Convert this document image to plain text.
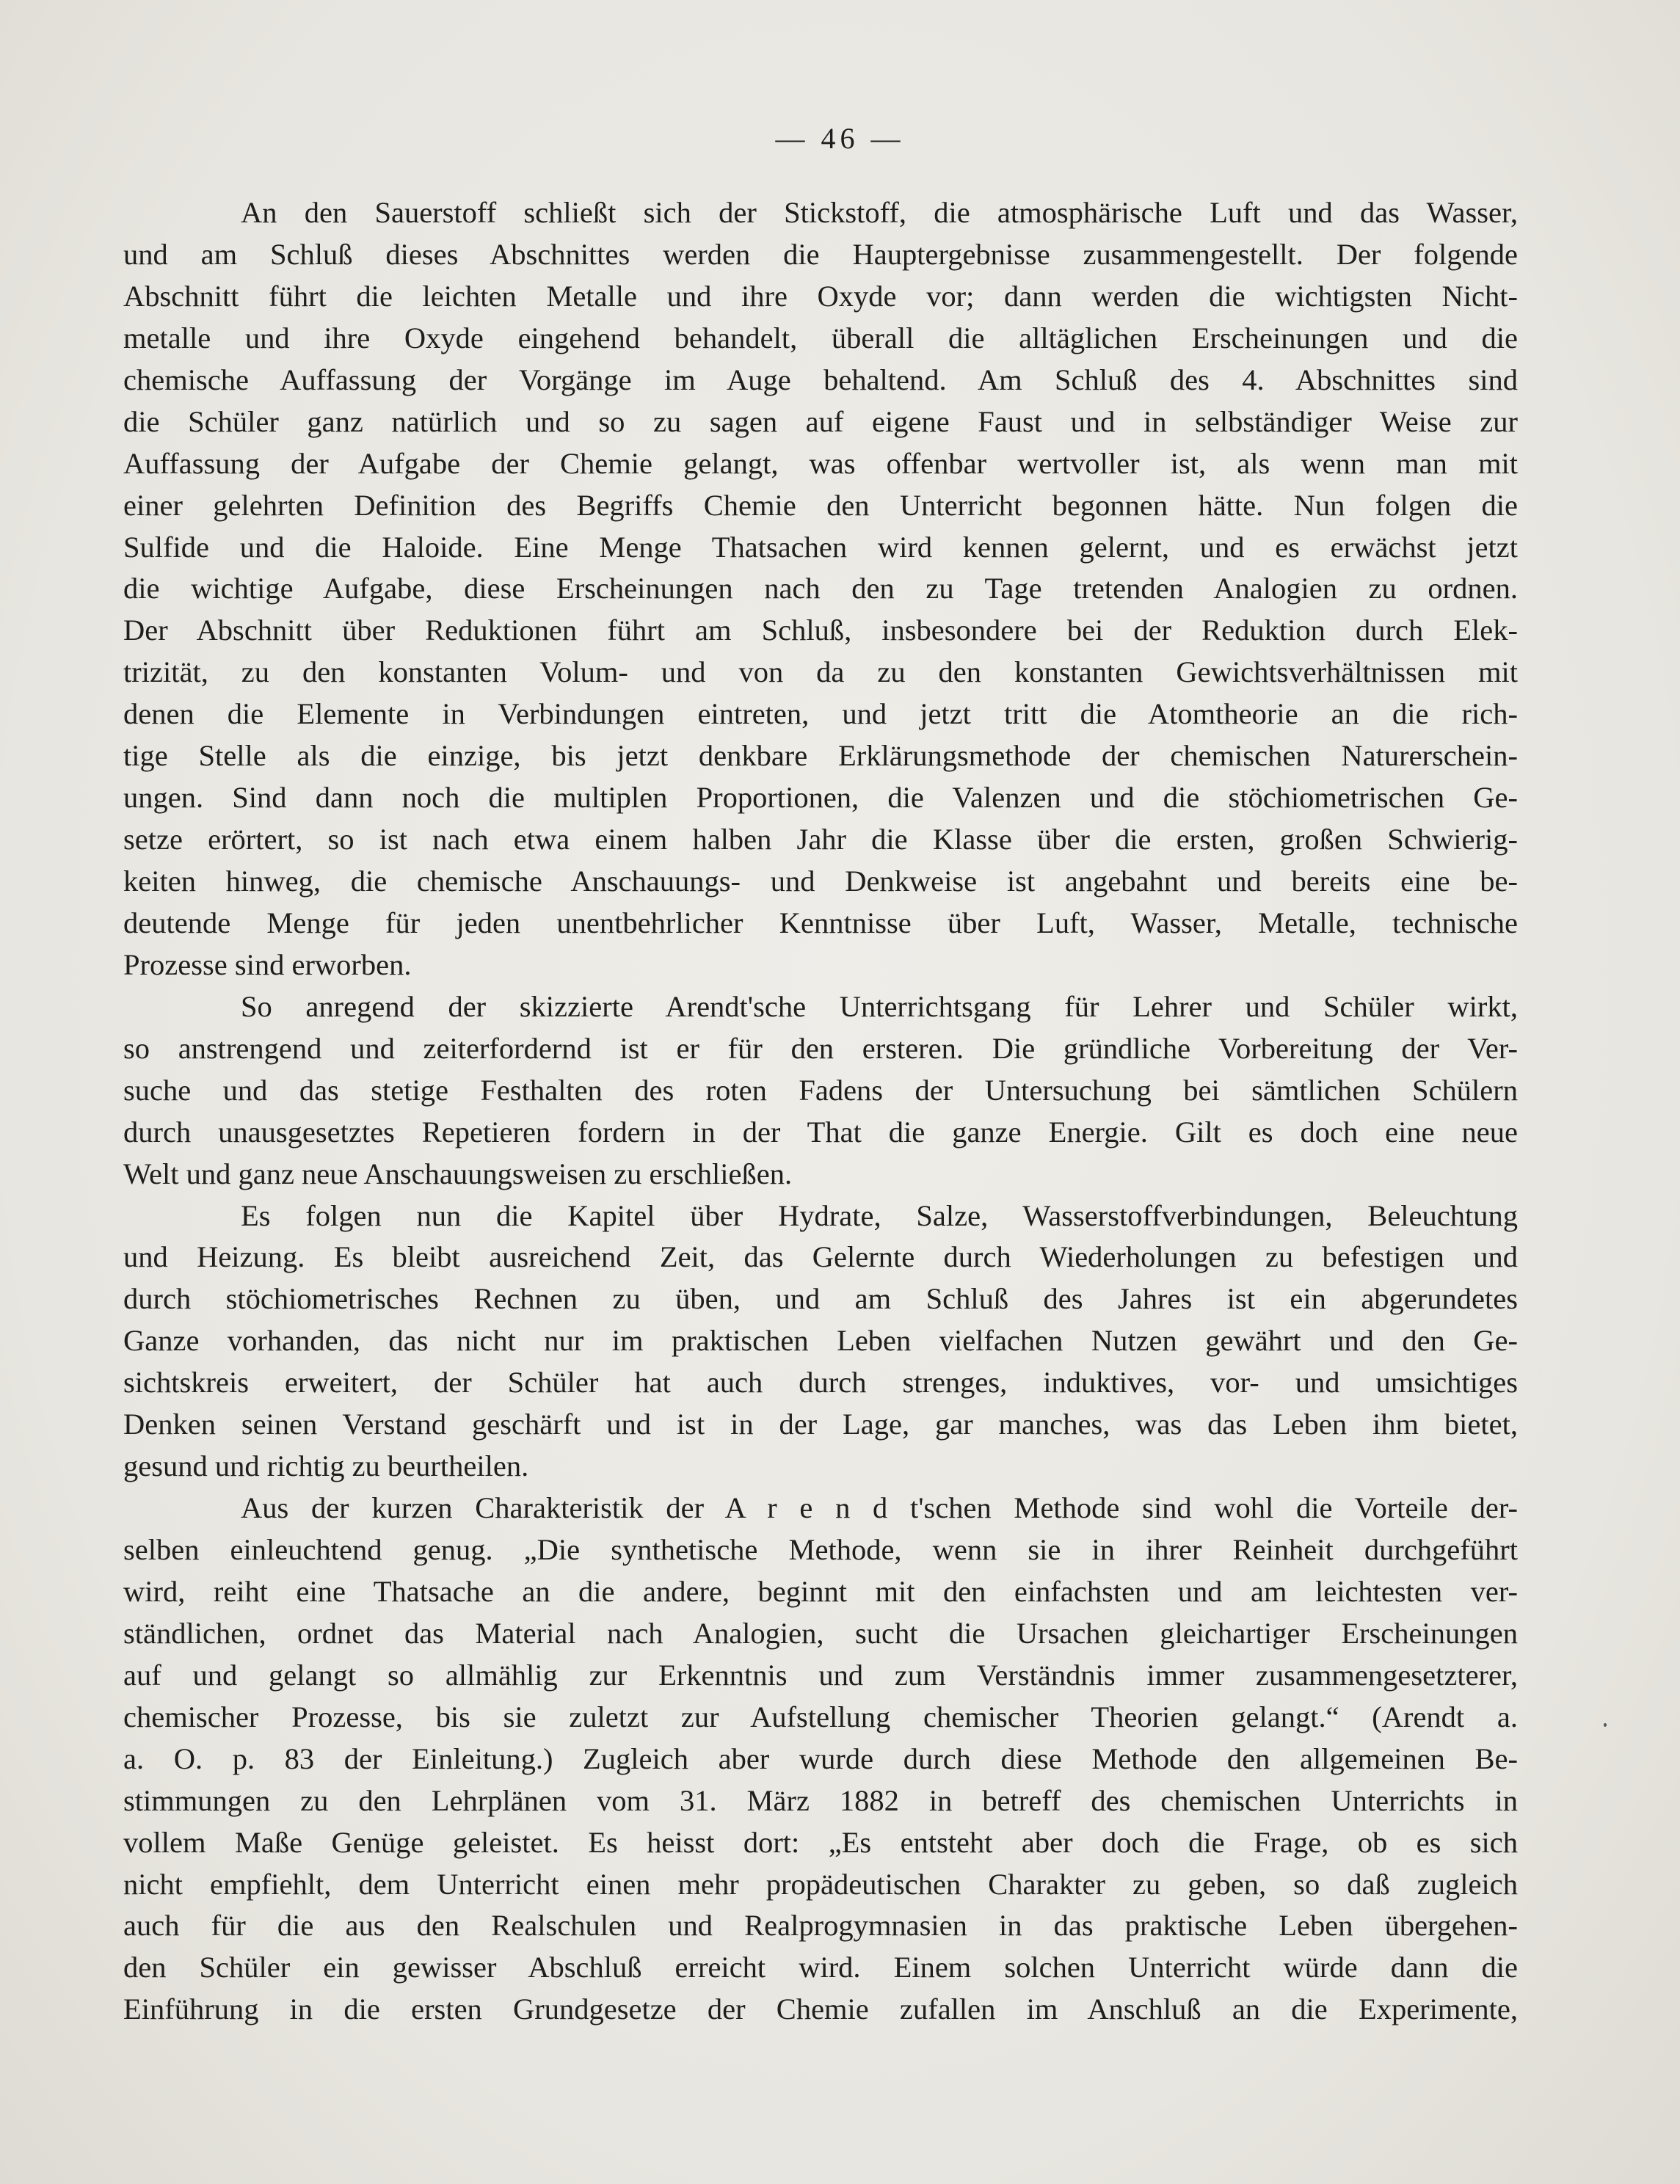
— 46 —
An den Sauerstoff schließt sich der Stickstoff, die atmosphärische Luft und das Wasser,
und am Schluß dieses Abschnittes werden die Hauptergebnisse zusammengestellt. Der folgende
Abschnitt führt die leichten Metalle und ihre Oxyde vor; dann werden die wichtigsten Nicht-
metalle und ihre Oxyde eingehend behandelt, überall die alltäglichen Erscheinungen und die
chemische Auffassung der Vorgänge im Auge behaltend. Am Schluß des 4. Abschnittes sind
die Schüler ganz natürlich und so zu sagen auf eigene Faust und in selbständiger Weise zur
Auffassung der Aufgabe der Chemie gelangt, was offenbar wertvoller ist, als wenn man mit
einer gelehrten Definition des Begriffs Chemie den Unterricht begonnen hätte. Nun folgen die
Sulfide und die Haloide. Eine Menge Thatsachen wird kennen gelernt, und es erwächst jetzt
die wichtige Aufgabe, diese Erscheinungen nach den zu Tage tretenden Analogien zu ordnen.
Der Abschnitt über Reduktionen führt am Schluß, insbesondere bei der Reduktion durch Elek-
trizität, zu den konstanten Volum- und von da zu den konstanten Gewichtsverhältnissen mit
denen die Elemente in Verbindungen eintreten, und jetzt tritt die Atomtheorie an die rich-
tige Stelle als die einzige, bis jetzt denkbare Erklärungsmethode der chemischen Naturerschein-
ungen. Sind dann noch die multiplen Proportionen, die Valenzen und die stöchiometrischen Ge-
setze erörtert, so ist nach etwa einem halben Jahr die Klasse über die ersten, großen Schwierig-
keiten hinweg, die chemische Anschauungs- und Denkweise ist angebahnt und bereits eine be-
deutende Menge für jeden unentbehrlicher Kenntnisse über Luft, Wasser, Metalle, technische
Prozesse sind erworben.
So anregend der skizzierte Arendt'sche Unterrichtsgang für Lehrer und Schüler wirkt,
so anstrengend und zeiterfordernd ist er für den ersteren. Die gründliche Vorbereitung der Ver-
suche und das stetige Festhalten des roten Fadens der Untersuchung bei sämtlichen Schülern
durch unausgesetztes Repetieren fordern in der That die ganze Energie. Gilt es doch eine neue
Welt und ganz neue Anschauungsweisen zu erschließen.
Es folgen nun die Kapitel über Hydrate, Salze, Wasserstoffverbindungen, Beleuchtung
und Heizung. Es bleibt ausreichend Zeit, das Gelernte durch Wiederholungen zu befestigen und
durch stöchiometrisches Rechnen zu üben, und am Schluß des Jahres ist ein abgerundetes
Ganze vorhanden, das nicht nur im praktischen Leben vielfachen Nutzen gewährt und den Ge-
sichtskreis erweitert, der Schüler hat auch durch strenges, induktives, vor- und umsichtiges
Denken seinen Verstand geschärft und ist in der Lage, gar manches, was das Leben ihm bietet,
gesund und richtig zu beurtheilen.
Aus der kurzen Charakteristik der A r e n d t'schen Methode sind wohl die Vorteile der-
selben einleuchtend genug. „Die synthetische Methode, wenn sie in ihrer Reinheit durchgeführt
wird, reiht eine Thatsache an die andere, beginnt mit den einfachsten und am leichtesten ver-
ständlichen, ordnet das Material nach Analogien, sucht die Ursachen gleichartiger Erscheinungen
auf und gelangt so allmählig zur Erkenntnis und zum Verständnis immer zusammengesetzterer,
chemischer Prozesse, bis sie zuletzt zur Aufstellung chemischer Theorien gelangt.“ (Arendt a.
a. O. p. 83 der Einleitung.) Zugleich aber wurde durch diese Methode den allgemeinen Be-
stimmungen zu den Lehrplänen vom 31. März 1882 in betreff des chemischen Unterrichts in
vollem Maße Genüge geleistet. Es heisst dort: „Es entsteht aber doch die Frage, ob es sich
nicht empfiehlt, dem Unterricht einen mehr propädeutischen Charakter zu geben, so daß zugleich
auch für die aus den Realschulen und Realprogymnasien in das praktische Leben übergehen-
den Schüler ein gewisser Abschluß erreicht wird. Einem solchen Unterricht würde dann die
Einführung in die ersten Grundgesetze der Chemie zufallen im Anschluß an die Experimente,
